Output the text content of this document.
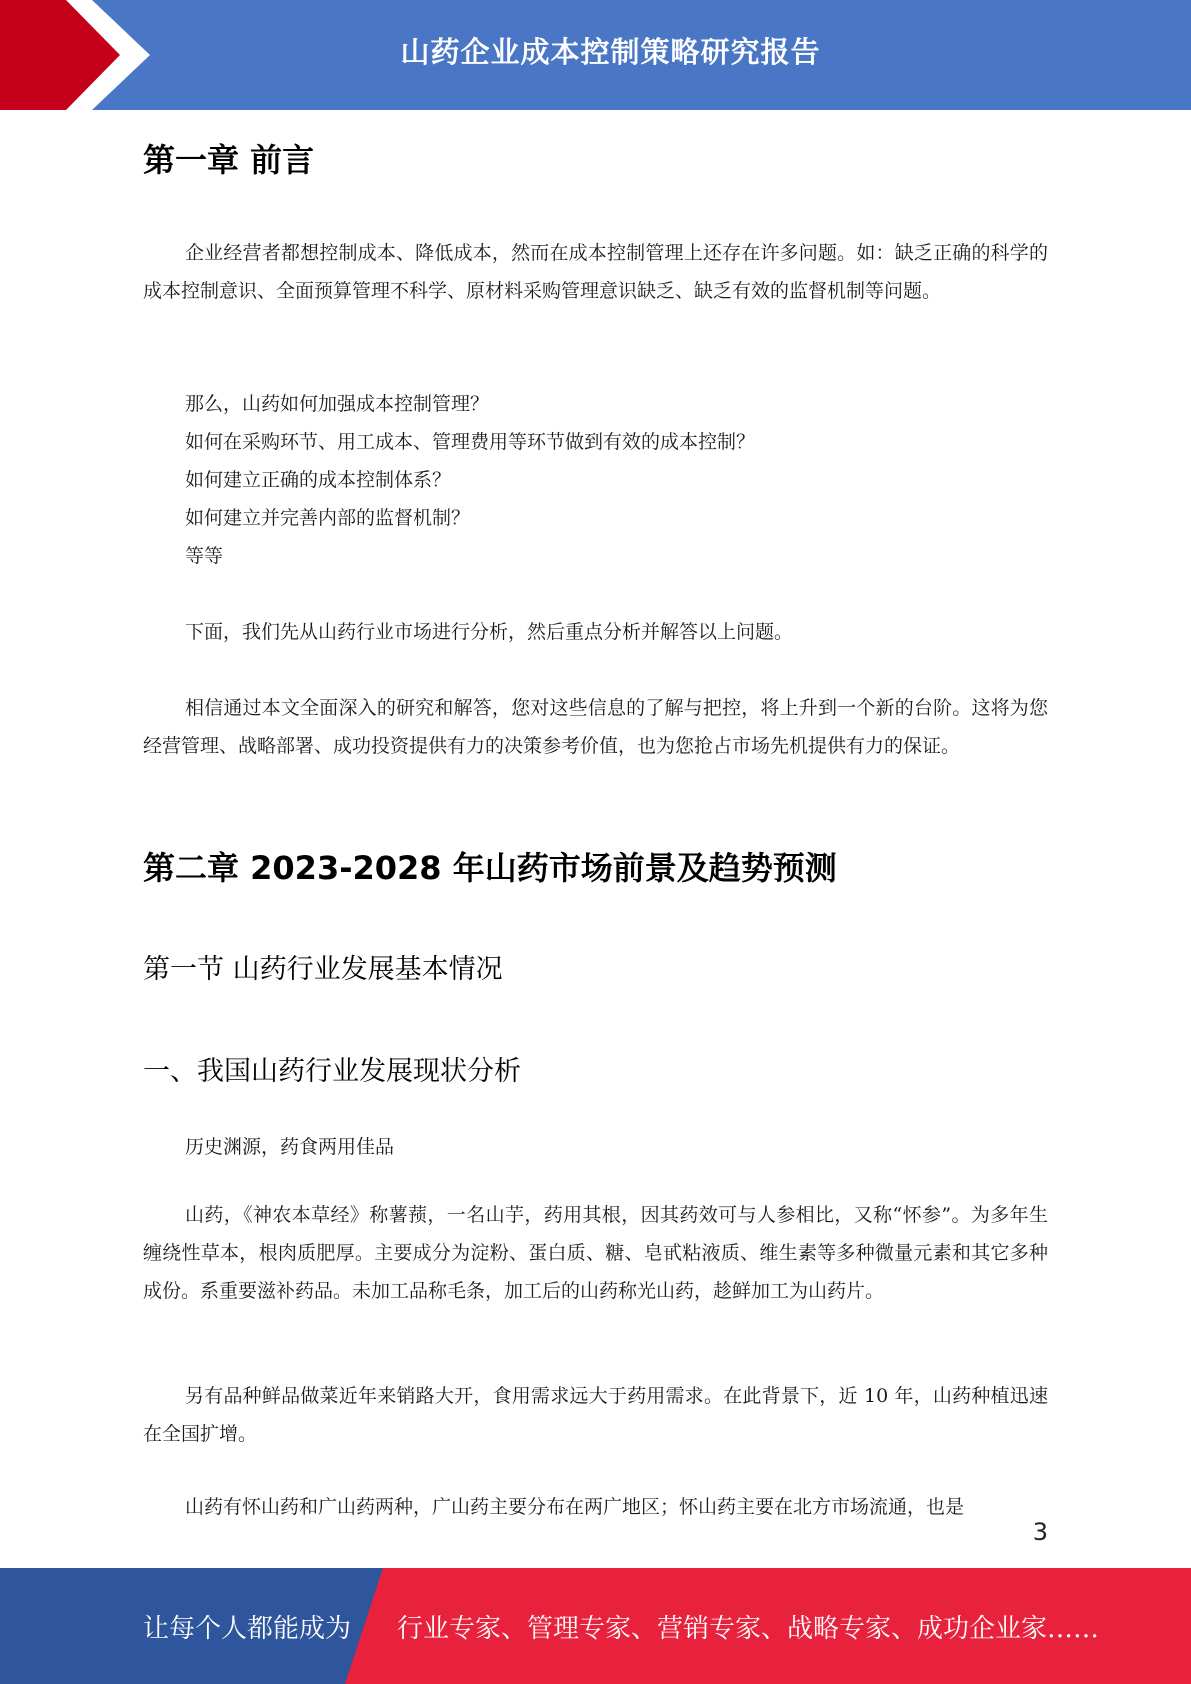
山药企业成本控制策略研究报告
第一章 前言

企业经营者都想控制成本、降低成本，然而在成本控制管理上还存在许多问题。如：缺乏正确的科学的成本控制意识、全面预算管理不科学、原材料采购管理意识缺乏、缺乏有效的监督机制等问题。

那么，山药如何加强成本控制管理？

如何在采购环节、用工成本、管理费用等环节做到有效的成本控制？

如何建立正确的成本控制体系？

如何建立并完善内部的监督机制？

等等

下面，我们先从山药行业市场进行分析，然后重点分析并解答以上问题。

相信通过本文全面深入的研究和解答，您对这些信息的了解与把控，将上升到一个新的台阶。这将为您经营管理、战略部署、成功投资提供有力的决策参考价值，也为您抢占市场先机提供有力的保证。

第二章 2023-2028 年山药市场前景及趋势预测
第一节 山药行业发展基本情况
一、我国山药行业发展现状分析

历史渊源，药食两用佳品

山药，《神农本草经》称薯蓣，一名山芋，药用其根，因其药效可与人参相比，又称“怀参”。为多年生缠绕性草本，根肉质肥厚。主要成分为淀粉、蛋白质、糖、皂甙粘液质、维生素等多种微量元素和其它多种成份。系重要滋补药品。未加工品称毛条，加工后的山药称光山药，趁鲜加工为山药片。

另有品种鲜品做菜近年来销路大开，食用需求远大于药用需求。在此背景下，近 10 年，山药种植迅速在全国扩增。

山药有怀山药和广山药两种，广山药主要分布在两广地区；怀山药主要在北方市场流通，也是

3
让每个人都能成为 行业专家、管理专家、营销专家、战略专家、成功企业家……
